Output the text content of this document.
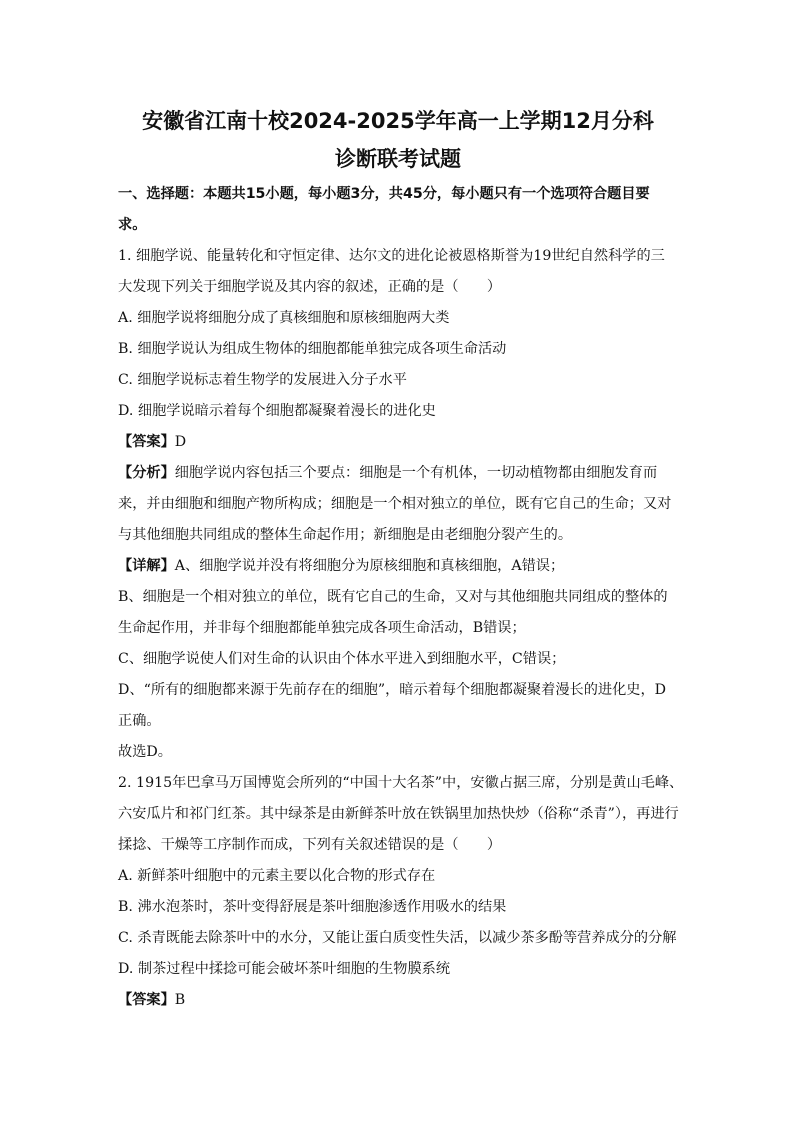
安徽省江南十校2024-2025学年高一上学期12月分科
诊断联考试题
一、选择题：本题共15小题，每小题3分，共45分，每小题只有一个选项符合题目要
求。
1. 细胞学说、能量转化和守恒定律、达尔文的进化论被恩格斯誉为19世纪自然科学的三
大发现下列关于细胞学说及其内容的叙述，正确的是（　　）
A. 细胞学说将细胞分成了真核细胞和原核细胞两大类
B. 细胞学说认为组成生物体的细胞都能单独完成各项生命活动
C. 细胞学说标志着生物学的发展进入分子水平
D. 细胞学说暗示着每个细胞都凝聚着漫长的进化史
【答案】D
【分析】细胞学说内容包括三个要点：细胞是一个有机体，一切动植物都由细胞发育而
来，并由细胞和细胞产物所构成；细胞是一个相对独立的单位，既有它自己的生命；又对
与其他细胞共同组成的整体生命起作用；新细胞是由老细胞分裂产生的。
【详解】A、细胞学说并没有将细胞分为原核细胞和真核细胞，A错误；
B、细胞是一个相对独立的单位，既有它自己的生命，又对与其他细胞共同组成的整体的
生命起作用，并非每个细胞都能单独完成各项生命活动，B错误；
C、细胞学说使人们对生命的认识由个体水平进入到细胞水平，C错误；
D、“所有的细胞都来源于先前存在的细胞”，暗示着每个细胞都凝聚着漫长的进化史，D
正确。
故选D。
2. 1915年巴拿马万国博览会所列的“中国十大名茶”中，安徽占据三席，分别是黄山毛峰、
六安瓜片和祁门红茶。其中绿茶是由新鲜茶叶放在铁锅里加热快炒（俗称“杀青”），再进行
揉捻、干燥等工序制作而成，下列有关叙述错误的是（　　）
A. 新鲜茶叶细胞中的元素主要以化合物的形式存在
B. 沸水泡茶时，茶叶变得舒展是茶叶细胞渗透作用吸水的结果
C. 杀青既能去除茶叶中的水分，又能让蛋白质变性失活，以减少茶多酚等营养成分的分解
D. 制茶过程中揉捻可能会破坏茶叶细胞的生物膜系统
【答案】B
